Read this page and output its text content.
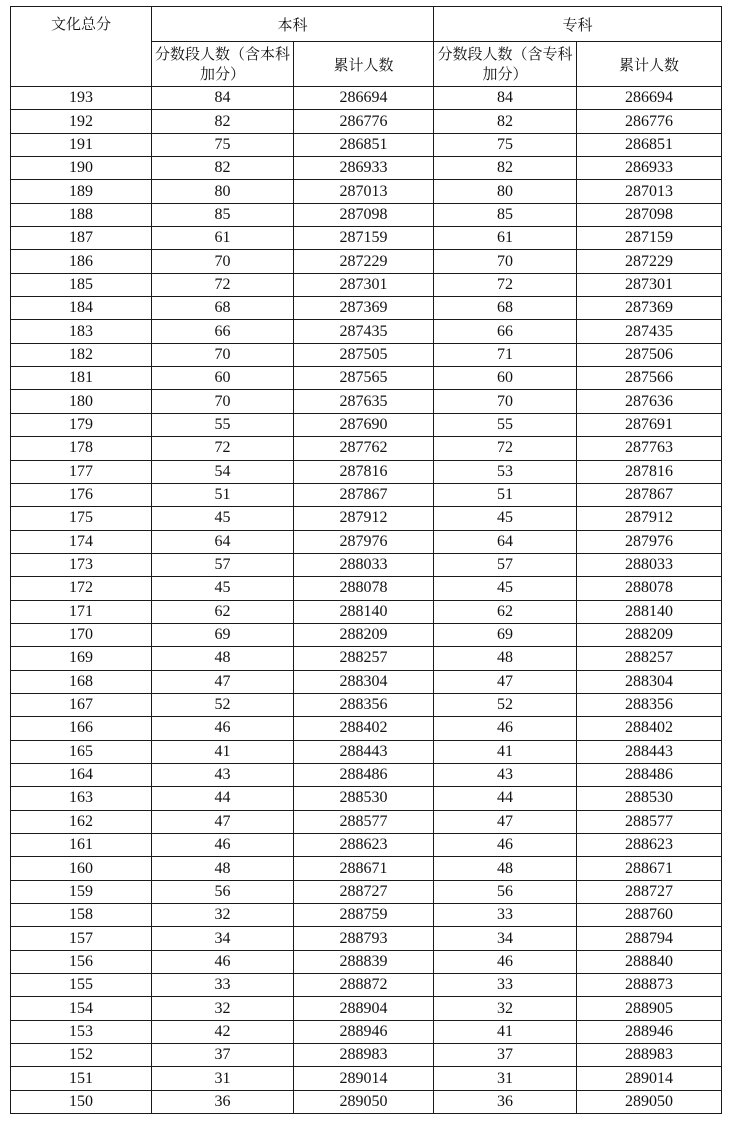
文化总分	本科		专科	
	分数段人数（含本科加分）	累计人数	分数段人数（含专科加分）	累计人数
193	84	286694	84	286694
192	82	286776	82	286776
191	75	286851	75	286851
190	82	286933	82	286933
189	80	287013	80	287013
188	85	287098	85	287098
187	61	287159	61	287159
186	70	287229	70	287229
185	72	287301	72	287301
184	68	287369	68	287369
183	66	287435	66	287435
182	70	287505	71	287506
181	60	287565	60	287566
180	70	287635	70	287636
179	55	287690	55	287691
178	72	287762	72	287763
177	54	287816	53	287816
176	51	287867	51	287867
175	45	287912	45	287912
174	64	287976	64	287976
173	57	288033	57	288033
172	45	288078	45	288078
171	62	288140	62	288140
170	69	288209	69	288209
169	48	288257	48	288257
168	47	288304	47	288304
167	52	288356	52	288356
166	46	288402	46	288402
165	41	288443	41	288443
164	43	288486	43	288486
163	44	288530	44	288530
162	47	288577	47	288577
161	46	288623	46	288623
160	48	288671	48	288671
159	56	288727	56	288727
158	32	288759	33	288760
157	34	288793	34	288794
156	46	288839	46	288840
155	33	288872	33	288873
154	32	288904	32	288905
153	42	288946	41	288946
152	37	288983	37	288983
151	31	289014	31	289014
150	36	289050	36	289050
